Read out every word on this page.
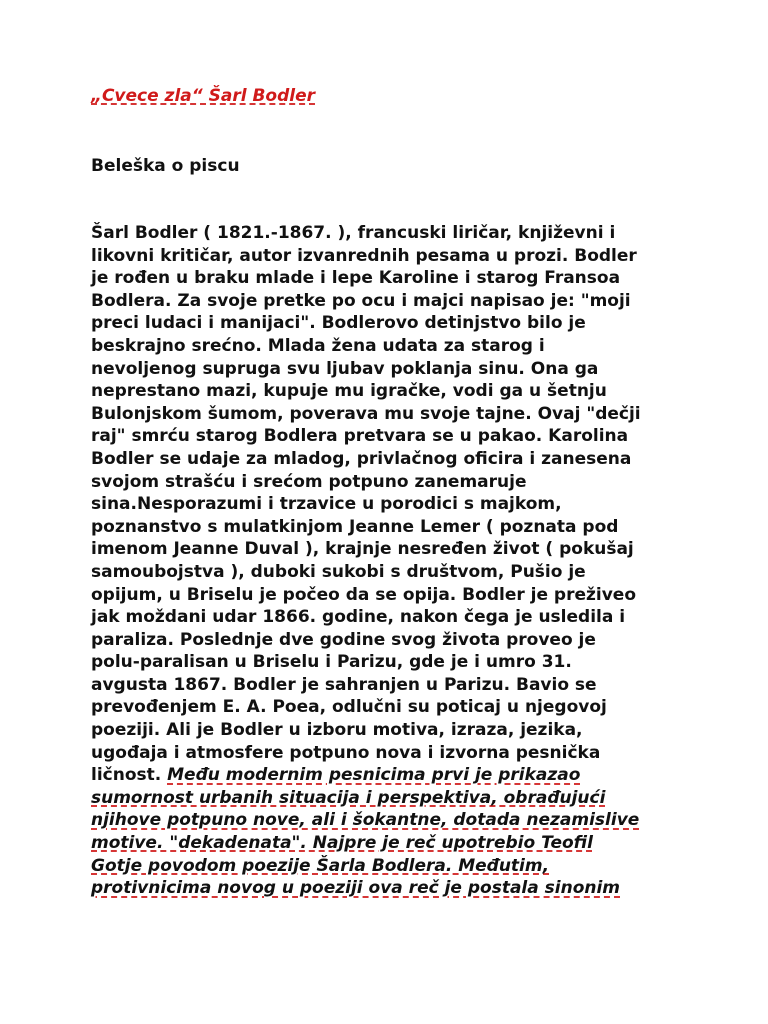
„Cvece zla“ Šarl Bodler

Beleška o piscu

Šarl Bodler ( 1821.-1867. ), francuski liričar, književni i
likovni kritičar, autor izvanrednih pesama u prozi. Bodler
je rođen u braku mlade i lepe Karoline i starog Fransoa
Bodlera. Za svoje pretke po ocu i majci napisao je: "moji
preci ludaci i manijaci". Bodlerovo detinjstvo bilo je
beskrajno srećno. Mlada žena udata za starog i
nevoljenog supruga svu ljubav poklanja sinu. Ona ga
neprestano mazi, kupuje mu igračke, vodi ga u šetnju
Bulonjskom šumom, poverava mu svoje tajne. Ovaj "dečji
raj" smrću starog Bodlera pretvara se u pakao. Karolina
Bodler se udaje za mladog, privlačnog oficira i zanesena
svojom strašću i srećom potpuno zanemaruje
sina.Nesporazumi i trzavice u porodici s majkom,
poznanstvo s mulatkinjom Jeanne Lemer ( poznata pod
imenom Jeanne Duval ), krajnje nesređen život ( pokušaj
samoubojstva ), duboki sukobi s društvom, Pušio je
opijum, u Briselu je počeo da se opija. Bodler je preživeo
jak moždani udar 1866. godine, nakon čega je usledila i
paraliza. Poslednje dve godine svog života proveo je
polu-paralisan u Briselu i Parizu, gde je i umro 31.
avgusta 1867. Bodler je sahranjen u Parizu. Bavio se
prevođenjem E. A. Poea, odlučni su poticaj u njegovoj
poeziji. Ali je Bodler u izboru motiva, izraza, jezika,
ugođaja i atmosfere potpuno nova i izvorna pesnička
ličnost. Među modernim pesnicima prvi je prikazao
sumornost urbanih situacija i perspektiva, obrađujući
njihove potpuno nove, ali i šokantne, dotada nezamislive
motive. "dekadenata". Najpre je reč upotrebio Teofil
Gotje povodom poezije Šarla Bodlera. Međutim,
protivnicima novog u poeziji ova reč je postala sinonim
